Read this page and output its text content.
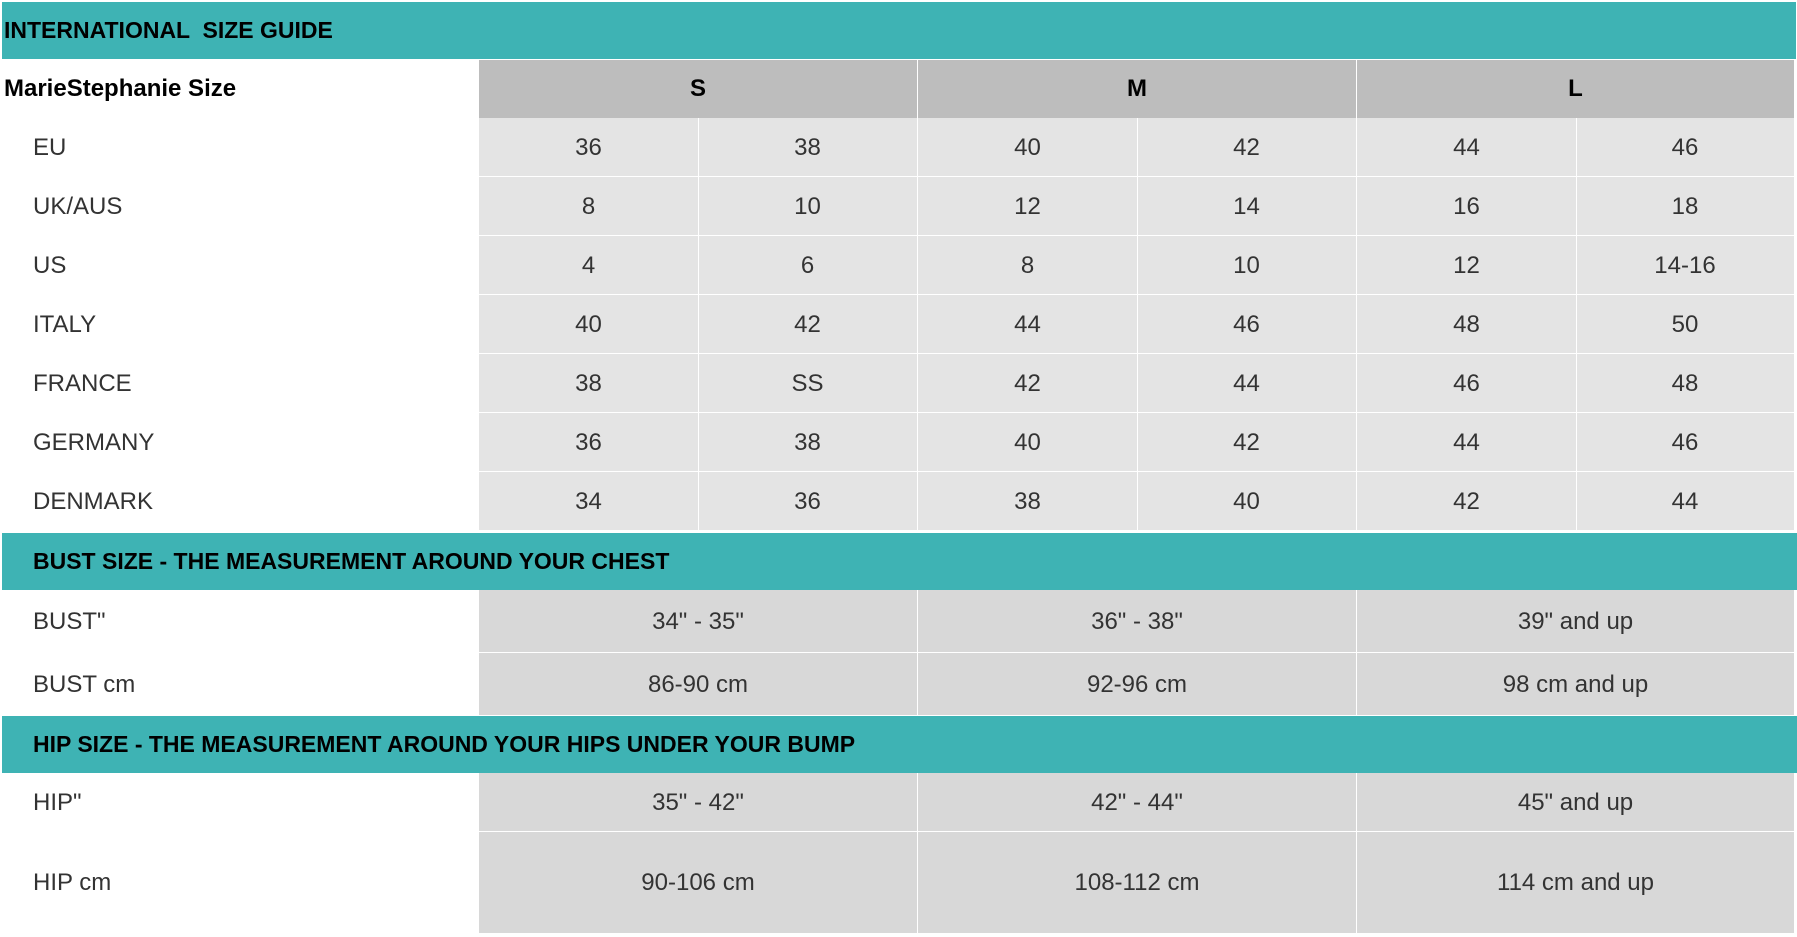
INTERNATIONAL  SIZE GUIDE
MarieStephanie Size	S	M	L
EU	36	38	40	42	44	46
UK/AUS	8	10	12	14	16	18
US	4	6	8	10	12	14-16
ITALY	40	42	44	46	48	50
FRANCE	38	SS	42	44	46	48
GERMANY	36	38	40	42	44	46
DENMARK	34	36	38	40	42	44
BUST SIZE - THE MEASUREMENT AROUND YOUR CHEST
BUST"	34" - 35"	36" - 38"	39" and up
BUST cm	86-90 cm	92-96 cm	98 cm and up
HIP SIZE - THE MEASUREMENT AROUND YOUR HIPS UNDER YOUR BUMP
HIP"	35" - 42"	42" - 44"	45" and up
HIP cm	90-106 cm	108-112 cm	114 cm and up
